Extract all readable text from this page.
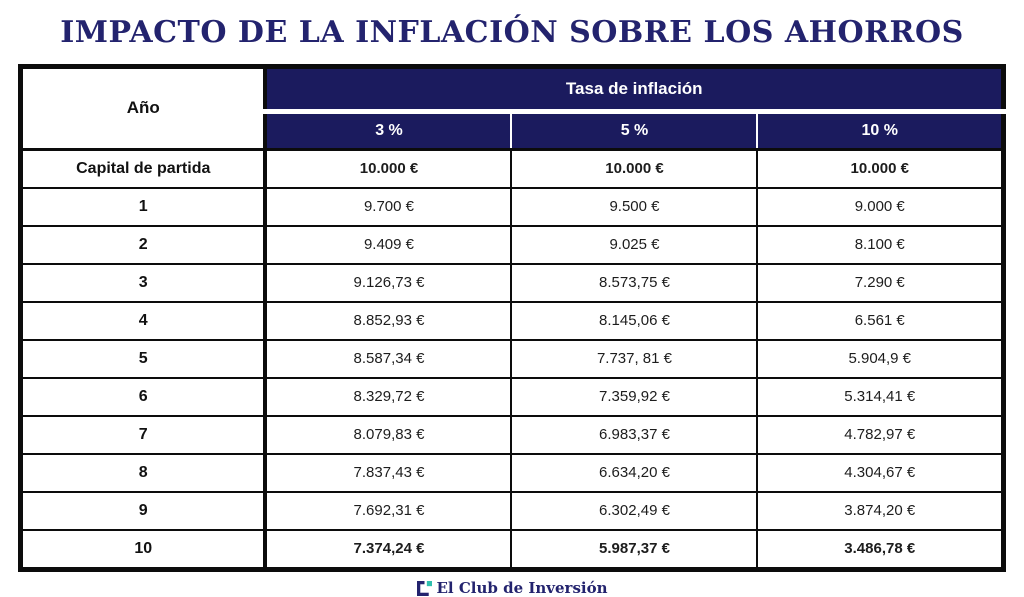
IMPACTO DE LA INFLACIÓN SOBRE LOS AHORROS
Año	Tasa de inflación		
	3 %	5 %	10 %
Capital de partida	10.000 €	10.000 €	10.000 €
1	9.700 €	9.500 €	9.000 €
2	9.409 €	9.025 €	8.100 €
3	9.126,73 €	8.573,75 €	7.290 €
4	8.852,93 €	8.145,06 €	6.561 €
5	8.587,34 €	7.737, 81 €	5.904,9 €
6	8.329,72 €	7.359,92 €	5.314,41 €
7	8.079,83 €	6.983,37 €	4.782,97 €
8	7.837,43 €	6.634,20 €	4.304,67 €
9	7.692,31 €	6.302,49 €	3.874,20 €
10	7.374,24 €	5.987,37 €	3.486,78 €
El Club de Inversión
